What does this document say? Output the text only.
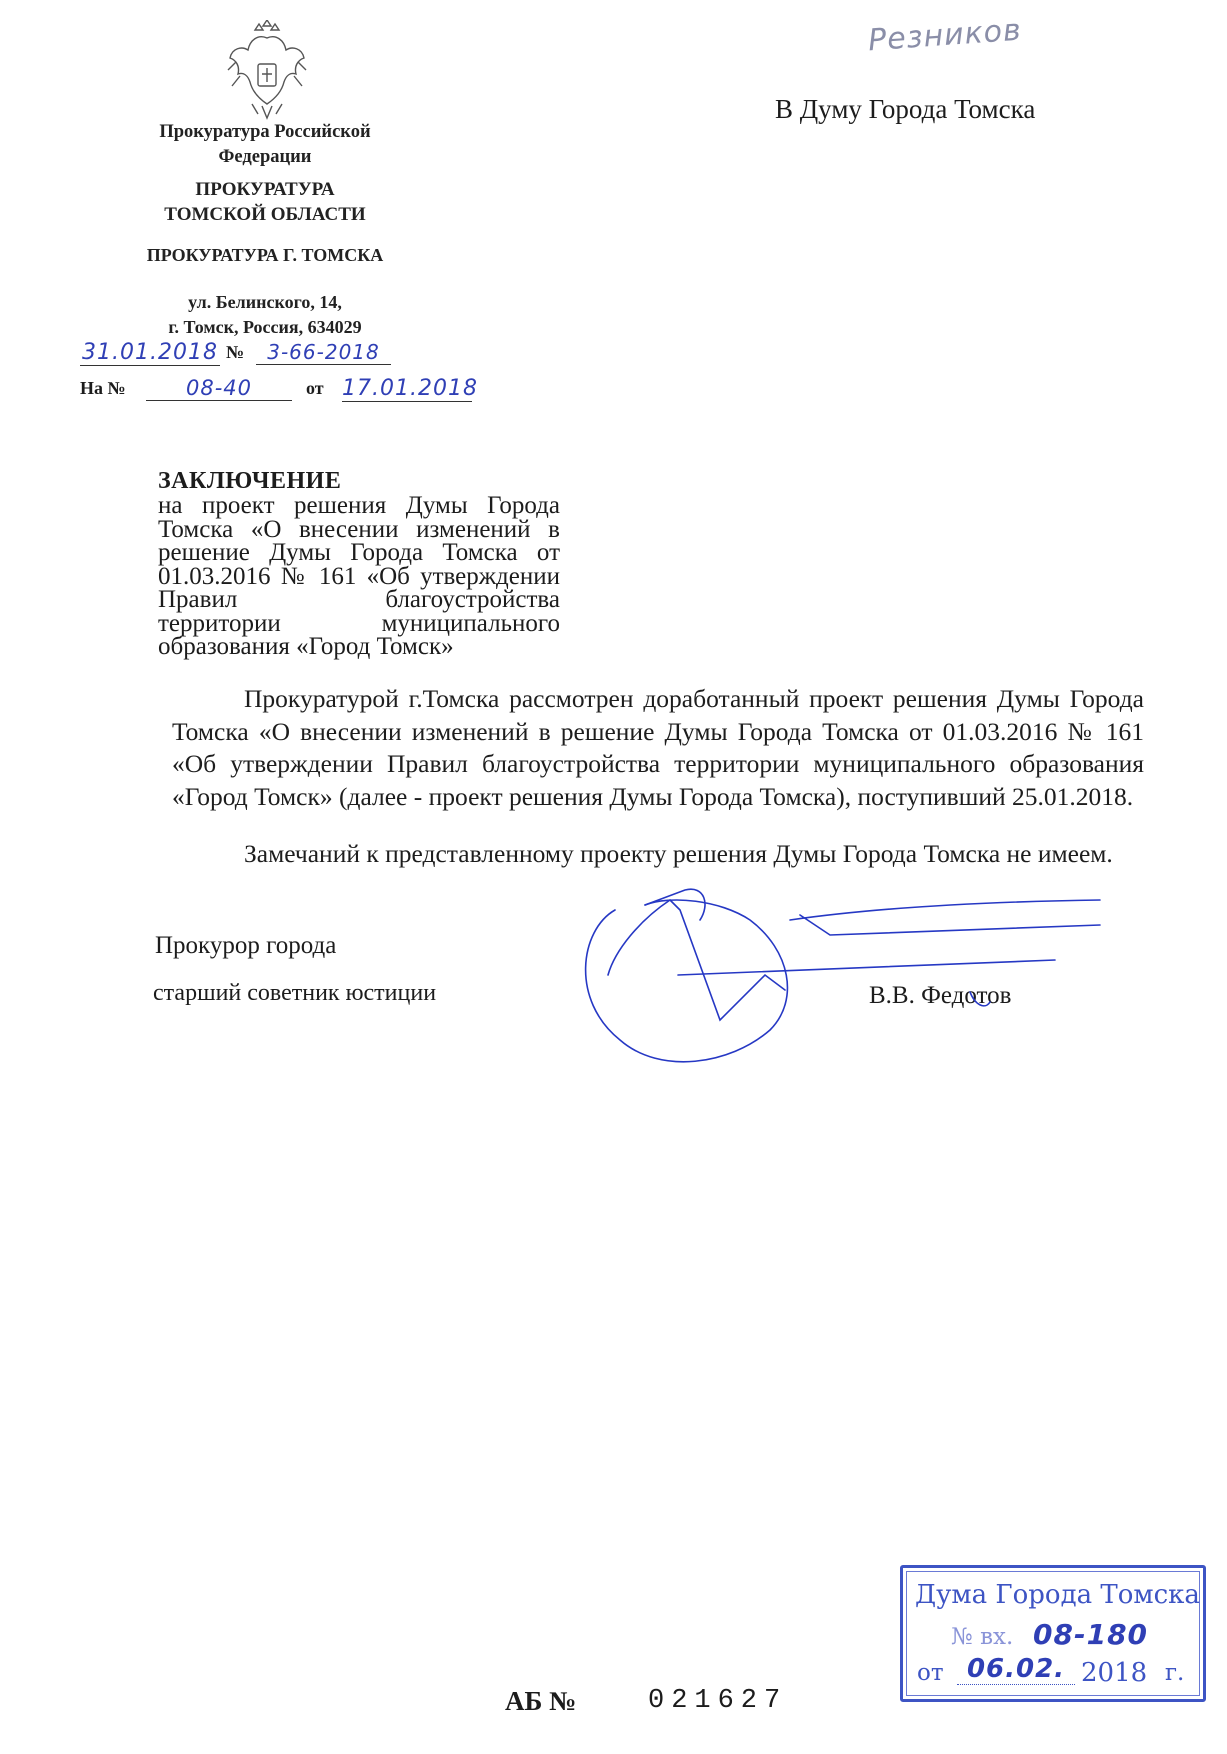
Прокуратура Российской
Федерации
ПРОКУРАТУРА
ТОМСКОЙ ОБЛАСТИ
ПРОКУРАТУРА Г. ТОМСКА
ул. Белинского, 14,
г. Томск, Россия, 634029
31.01.2018 №	3-66-2018
На №	08-40	от 17.01.2018
Резников
В Думу Города Томска
ЗАКЛЮЧЕНИЕ
на проект решения Думы Города
Томска «О внесении изменений в
решение Думы Города Томска от
01.03.2016 № 161 «Об утверждении
Правил благоустройства
территории муниципального
образования «Город Томск»
Прокуратурой г.Томска рассмотрен доработанный проект решения Думы Города Томска «О внесении изменений в решение Думы Города Томска от 01.03.2016 № 161 «Об утверждении Правил благоустройства территории муниципального образования «Город Томск» (далее - проект решения Думы Города Томска), поступивший 25.01.2018.
Замечаний к представленному проекту решения Думы Города Томска не имеем.
Прокурор города
старший советник юстиции	В.В. Федотов
АБ №	021627
Дума Города Томска
№ вх. 08-180
от 06.02. 2018 г.
